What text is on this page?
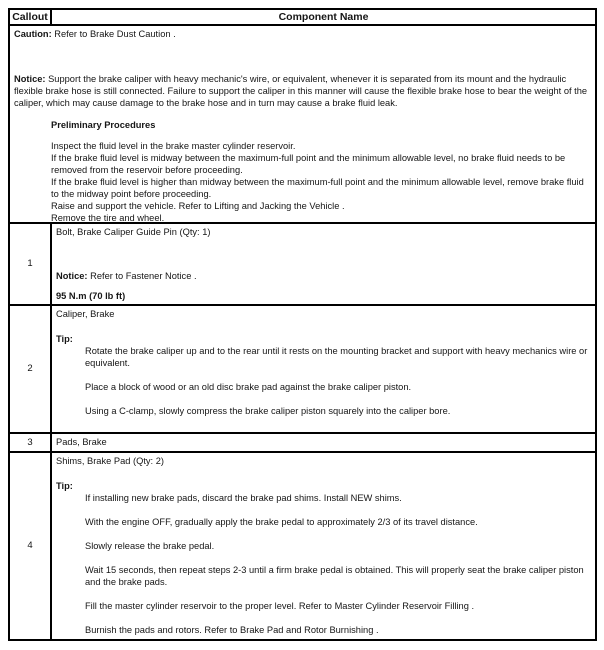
Callout	Component Name

Caution: Refer to Brake Dust Caution .

Notice: Support the brake caliper with heavy mechanic's wire, or equivalent, whenever it is separated from its mount and the hydraulic flexible brake hose is still connected. Failure to support the caliper in this manner will cause the flexible brake hose to bear the weight of the caliper, which may cause damage to the brake hose and in turn may cause a brake fluid leak.

Preliminary Procedures

Inspect the fluid level in the brake master cylinder reservoir.
If the brake fluid level is midway between the maximum-full point and the minimum allowable level, no brake fluid needs to be removed from the reservoir before proceeding.
If the brake fluid level is higher than midway between the maximum-full point and the minimum allowable level, remove brake fluid to the midway point before proceeding.
Raise and support the vehicle. Refer to Lifting and Jacking the Vehicle .
Remove the tire and wheel.
1

Bolt, Brake Caliper Guide Pin (Qty: 1)

Notice: Refer to Fastener Notice .

95 N.m (70 lb ft)

2

Caliper, Brake

Tip:

Rotate the brake caliper up and to the rear until it rests on the mounting bracket and support with heavy mechanics wire or equivalent.
Place a block of wood or an old disc brake pad against the brake caliper piston.
Using a C-clamp, slowly compress the brake caliper piston squarely into the caliper bore.
3	Pads, Brake

4

Shims, Brake Pad (Qty: 2)

Tip:

If installing new brake pads, discard the brake pad shims. Install NEW shims.
With the engine OFF, gradually apply the brake pedal to approximately 2/3 of its travel distance.
Slowly release the brake pedal.
Wait 15 seconds, then repeat steps 2-3 until a firm brake pedal is obtained. This will properly seat the brake caliper piston and the brake pads.
Fill the master cylinder reservoir to the proper level. Refer to Master Cylinder Reservoir Filling .
Burnish the pads and rotors. Refer to Brake Pad and Rotor Burnishing .
